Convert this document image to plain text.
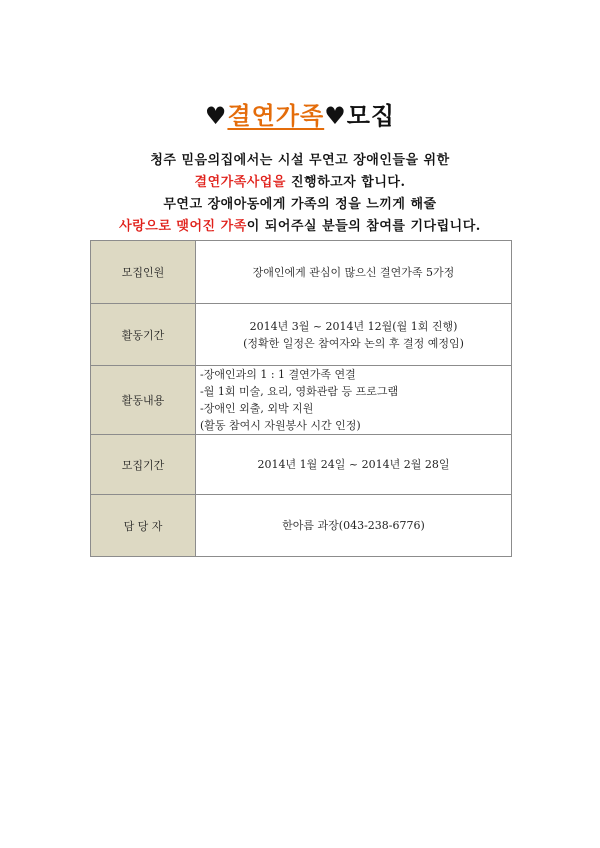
♥결연가족♥모집
청주 믿음의집에서는 시설 무연고 장애인들을 위한
결연가족사업을 진행하고자 합니다.
무연고 장애아동에게 가족의 정을 느끼게 해줄
사랑으로 맺어진 가족이 되어주실 분들의 참여를 기다립니다.
모집인원	장애인에게 관심이 많으신 결연가족 5가정
활동기간	2014년 3월 ~ 2014년 12월(월 1회 진행)
(정확한 일정은 참여자와 논의 후 결정 예정임)

활동내용	-장애인과의 1 : 1 결연가족 연결
-월 1회 미술, 요리, 영화관람 등 프로그램
-장애인 외출, 외박 지원
(활동 참여시 자원봉사 시간 인정)

모집기간	2014년 1월 24일 ~ 2014년 2월 28일
담 당 자	한아름 과장(043-238-6776)
